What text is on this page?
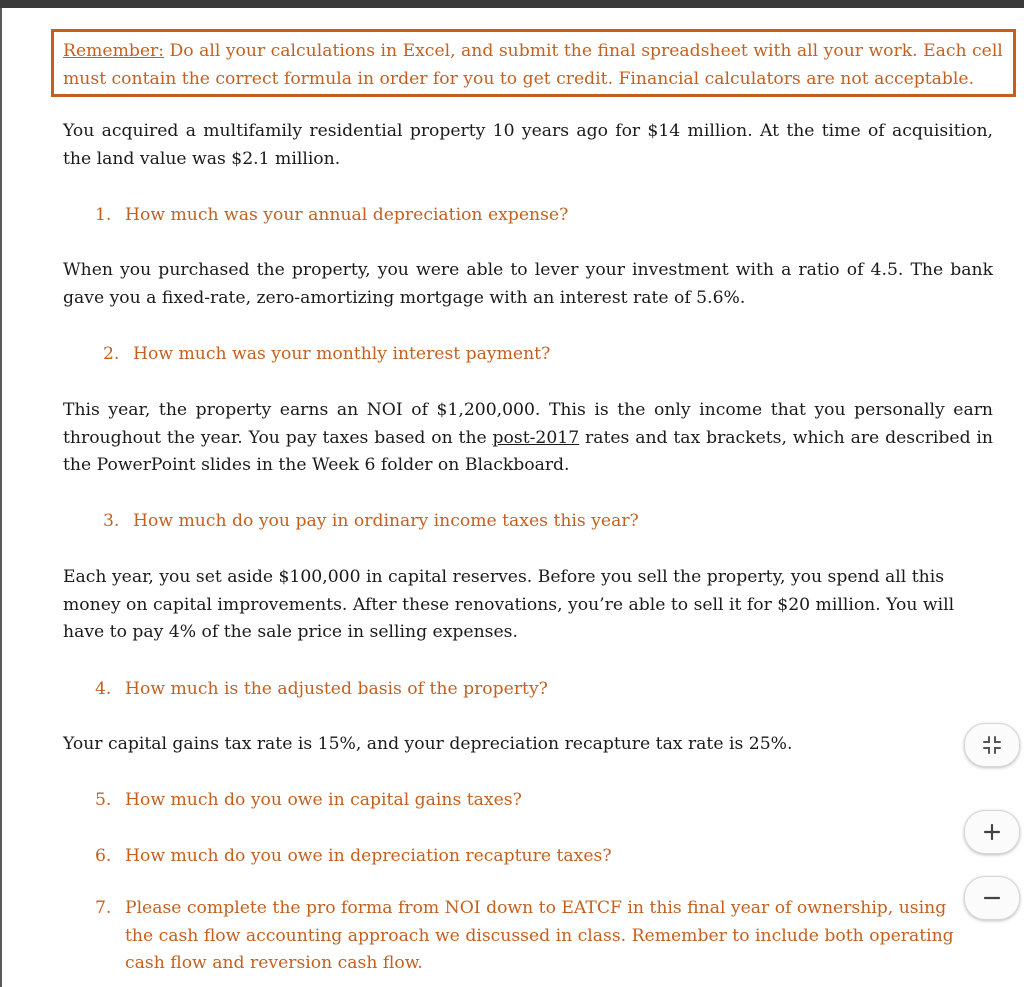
Remember: Do all your calculations in Excel, and submit the final spreadsheet with all your work. Each cell must contain the correct formula in order for you to get credit. Financial calculators are not acceptable.
You acquired a multifamily residential property 10 years ago for $14 million. At the time of acquisition, the land value was $2.1 million.
1. How much was your annual depreciation expense?
When you purchased the property, you were able to lever your investment with a ratio of 4.5. The bank gave you a fixed-rate, zero-amortizing mortgage with an interest rate of 5.6%.
2. How much was your monthly interest payment?
This year, the property earns an NOI of $1,200,000. This is the only income that you personally earn throughout the year. You pay taxes based on the post-2017 rates and tax brackets, which are described in the PowerPoint slides in the Week 6 folder on Blackboard.
3. How much do you pay in ordinary income taxes this year?
Each year, you set aside $100,000 in capital reserves. Before you sell the property, you spend all this money on capital improvements. After these renovations, you’re able to sell it for $20 million. You will have to pay 4% of the sale price in selling expenses.
4. How much is the adjusted basis of the property?
Your capital gains tax rate is 15%, and your depreciation recapture tax rate is 25%.
5. How much do you owe in capital gains taxes?
6. How much do you owe in depreciation recapture taxes?
7. Please complete the pro forma from NOI down to EATCF in this final year of ownership, using the cash flow accounting approach we discussed in class. Remember to include both operating cash flow and reversion cash flow.
